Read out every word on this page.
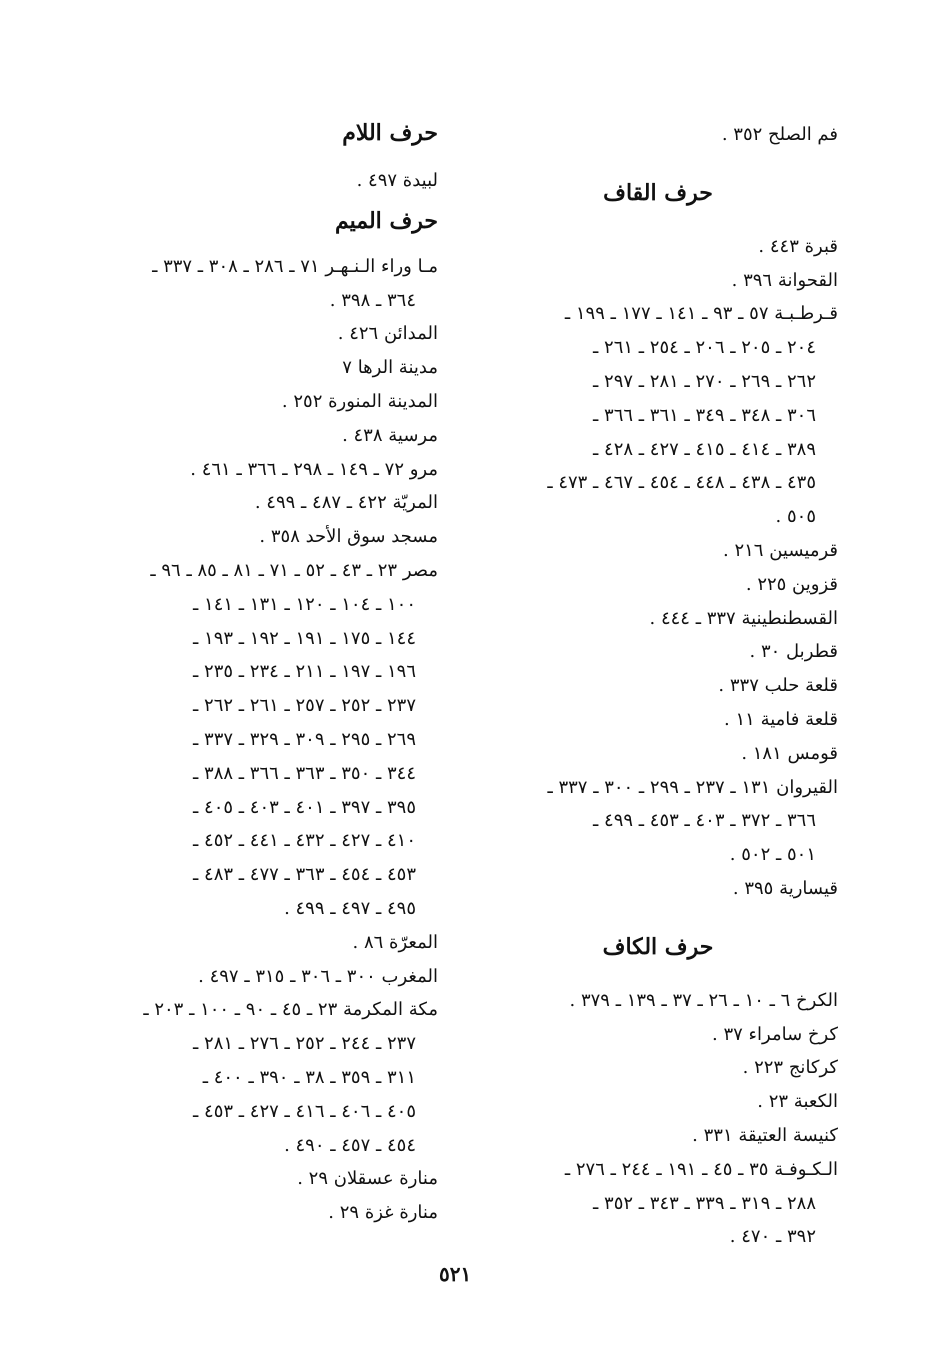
فم الصلح ٣٥٢ .
حرف القاف
قبرة ٤٤٣ .
القحوانة ٣٩٦ .
قـرطـبـة ٥٧ ـ ٩٣ ـ ١٤١ ـ ١٧٧ ـ ١٩٩ ـ
٢٠٤ ـ ٢٠٥ ـ ٢٠٦ ـ ٢٥٤ ـ ٢٦١ ـ
٢٦٢ ـ ٢٦٩ ـ ٢٧٠ ـ ٢٨١ ـ ٢٩٧ ـ
٣٠٦ ـ ٣٤٨ ـ ٣٤٩ ـ ٣٦١ ـ ٣٦٦ ـ
٣٨٩ ـ ٤١٤ ـ ٤١٥ ـ ٤٢٧ ـ ٤٢٨ ـ
٤٣٥ ـ ٤٣٨ ـ ٤٤٨ ـ ٤٥٤ ـ ٤٦٧ ـ ٤٧٣ ـ
٥٠٥ .
قرميسين ٢١٦ .
قزوين ٢٢٥ .
القسطنطينية ٣٣٧ ـ ٤٤٤ .
قطربل ٣٠ .
قلعة حلب ٣٣٧ .
قلعة فامية ١١ .
قومس ١٨١ .
القيروان ١٣١ ـ ٢٣٧ ـ ٢٩٩ ـ ٣٠٠ ـ ٣٣٧ ـ
٣٦٦ ـ ٣٧٢ ـ ٤٠٣ ـ ٤٥٣ ـ ٤٩٩ ـ
٥٠١ ـ ٥٠٢ .
قيسارية ٣٩٥ .
حرف الكاف
الكرخ ٦ ـ ١٠ ـ ٢٦ ـ ٣٧ ـ ١٣٩ ـ ٣٧٩ .
كرخ سامراء ٣٧ .
كركانج ٢٢٣ .
الكعبة ٢٣ .
كنيسة العتيقة ٣٣١ .
الـكـوفـة ٣٥ ـ ٤٥ ـ ١٩١ ـ ٢٤٤ ـ ٢٧٦ ـ
٢٨٨ ـ ٣١٩ ـ ٣٣٩ ـ ٣٤٣ ـ ٣٥٢ ـ
٣٩٢ ـ ٤٧٠ .
حرف اللام
لبيدة ٤٩٧ .
حرف الميم
مـا وراء الـنـهـر ٧١ ـ ٢٨٦ ـ ٣٠٨ ـ ٣٣٧ ـ
٣٦٤ ـ ٣٩٨ .
المدائن ٤٢٦ .
مدينة الرها ٧
المدينة المنورة ٢٥٢ .
مرسية ٤٣٨ .
مرو ٧٢ ـ ١٤٩ ـ ٢٩٨ ـ ٣٦٦ ـ ٤٦١ .
المريّة ٤٢٢ ـ ٤٨٧ ـ ٤٩٩ .
مسجد سوق الأحد ٣٥٨ .
مصر ٢٣ ـ ٤٣ ـ ٥٢ ـ ٧١ ـ ٨١ ـ ٨٥ ـ ٩٦ ـ
١٠٠ ـ ١٠٤ ـ ١٢٠ ـ ١٣١ ـ ١٤١ ـ
١٤٤ ـ ١٧٥ ـ ١٩١ ـ ١٩٢ ـ ١٩٣ ـ
١٩٦ ـ ١٩٧ ـ ٢١١ ـ ٢٣٤ ـ ٢٣٥ ـ
٢٣٧ ـ ٢٥٢ ـ ٢٥٧ ـ ٢٦١ ـ ٢٦٢ ـ
٢٦٩ ـ ٢٩٥ ـ ٣٠٩ ـ ٣٢٩ ـ ٣٣٧ ـ
٣٤٤ ـ ٣٥٠ ـ ٣٦٣ ـ ٣٦٦ ـ ٣٨٨ ـ
٣٩٥ ـ ٣٩٧ ـ ٤٠١ ـ ٤٠٣ ـ ٤٠٥ ـ
٤١٠ ـ ٤٢٧ ـ ٤٣٢ ـ ٤٤١ ـ ٤٥٢ ـ
٤٥٣ ـ ٤٥٤ ـ ٣٦٣ ـ ٤٧٧ ـ ٤٨٣ ـ
٤٩٥ ـ ٤٩٧ ـ ٤٩٩ .
المعرّة ٨٦ .
المغرب ٣٠٠ ـ ٣٠٦ ـ ٣١٥ ـ ٤٩٧ .
مكة المكرمة ٢٣ ـ ٤٥ ـ ٩٠ ـ ١٠٠ ـ ٢٠٣ ـ
٢٣٧ ـ ٢٤٤ ـ ٢٥٢ ـ ٢٧٦ ـ ٢٨١ ـ
٣١١ ـ ٣٥٩ ـ ٣٨ ـ ٣٩٠ ـ ٤٠٠ ـ
٤٠٥ ـ ٤٠٦ ـ ٤١٦ ـ ٤٢٧ ـ ٤٥٣ ـ
٤٥٤ ـ ٤٥٧ ـ ٤٩٠ .
منارة عسقلان ٢٩ .
منارة غزة ٢٩ .
٥٢١
